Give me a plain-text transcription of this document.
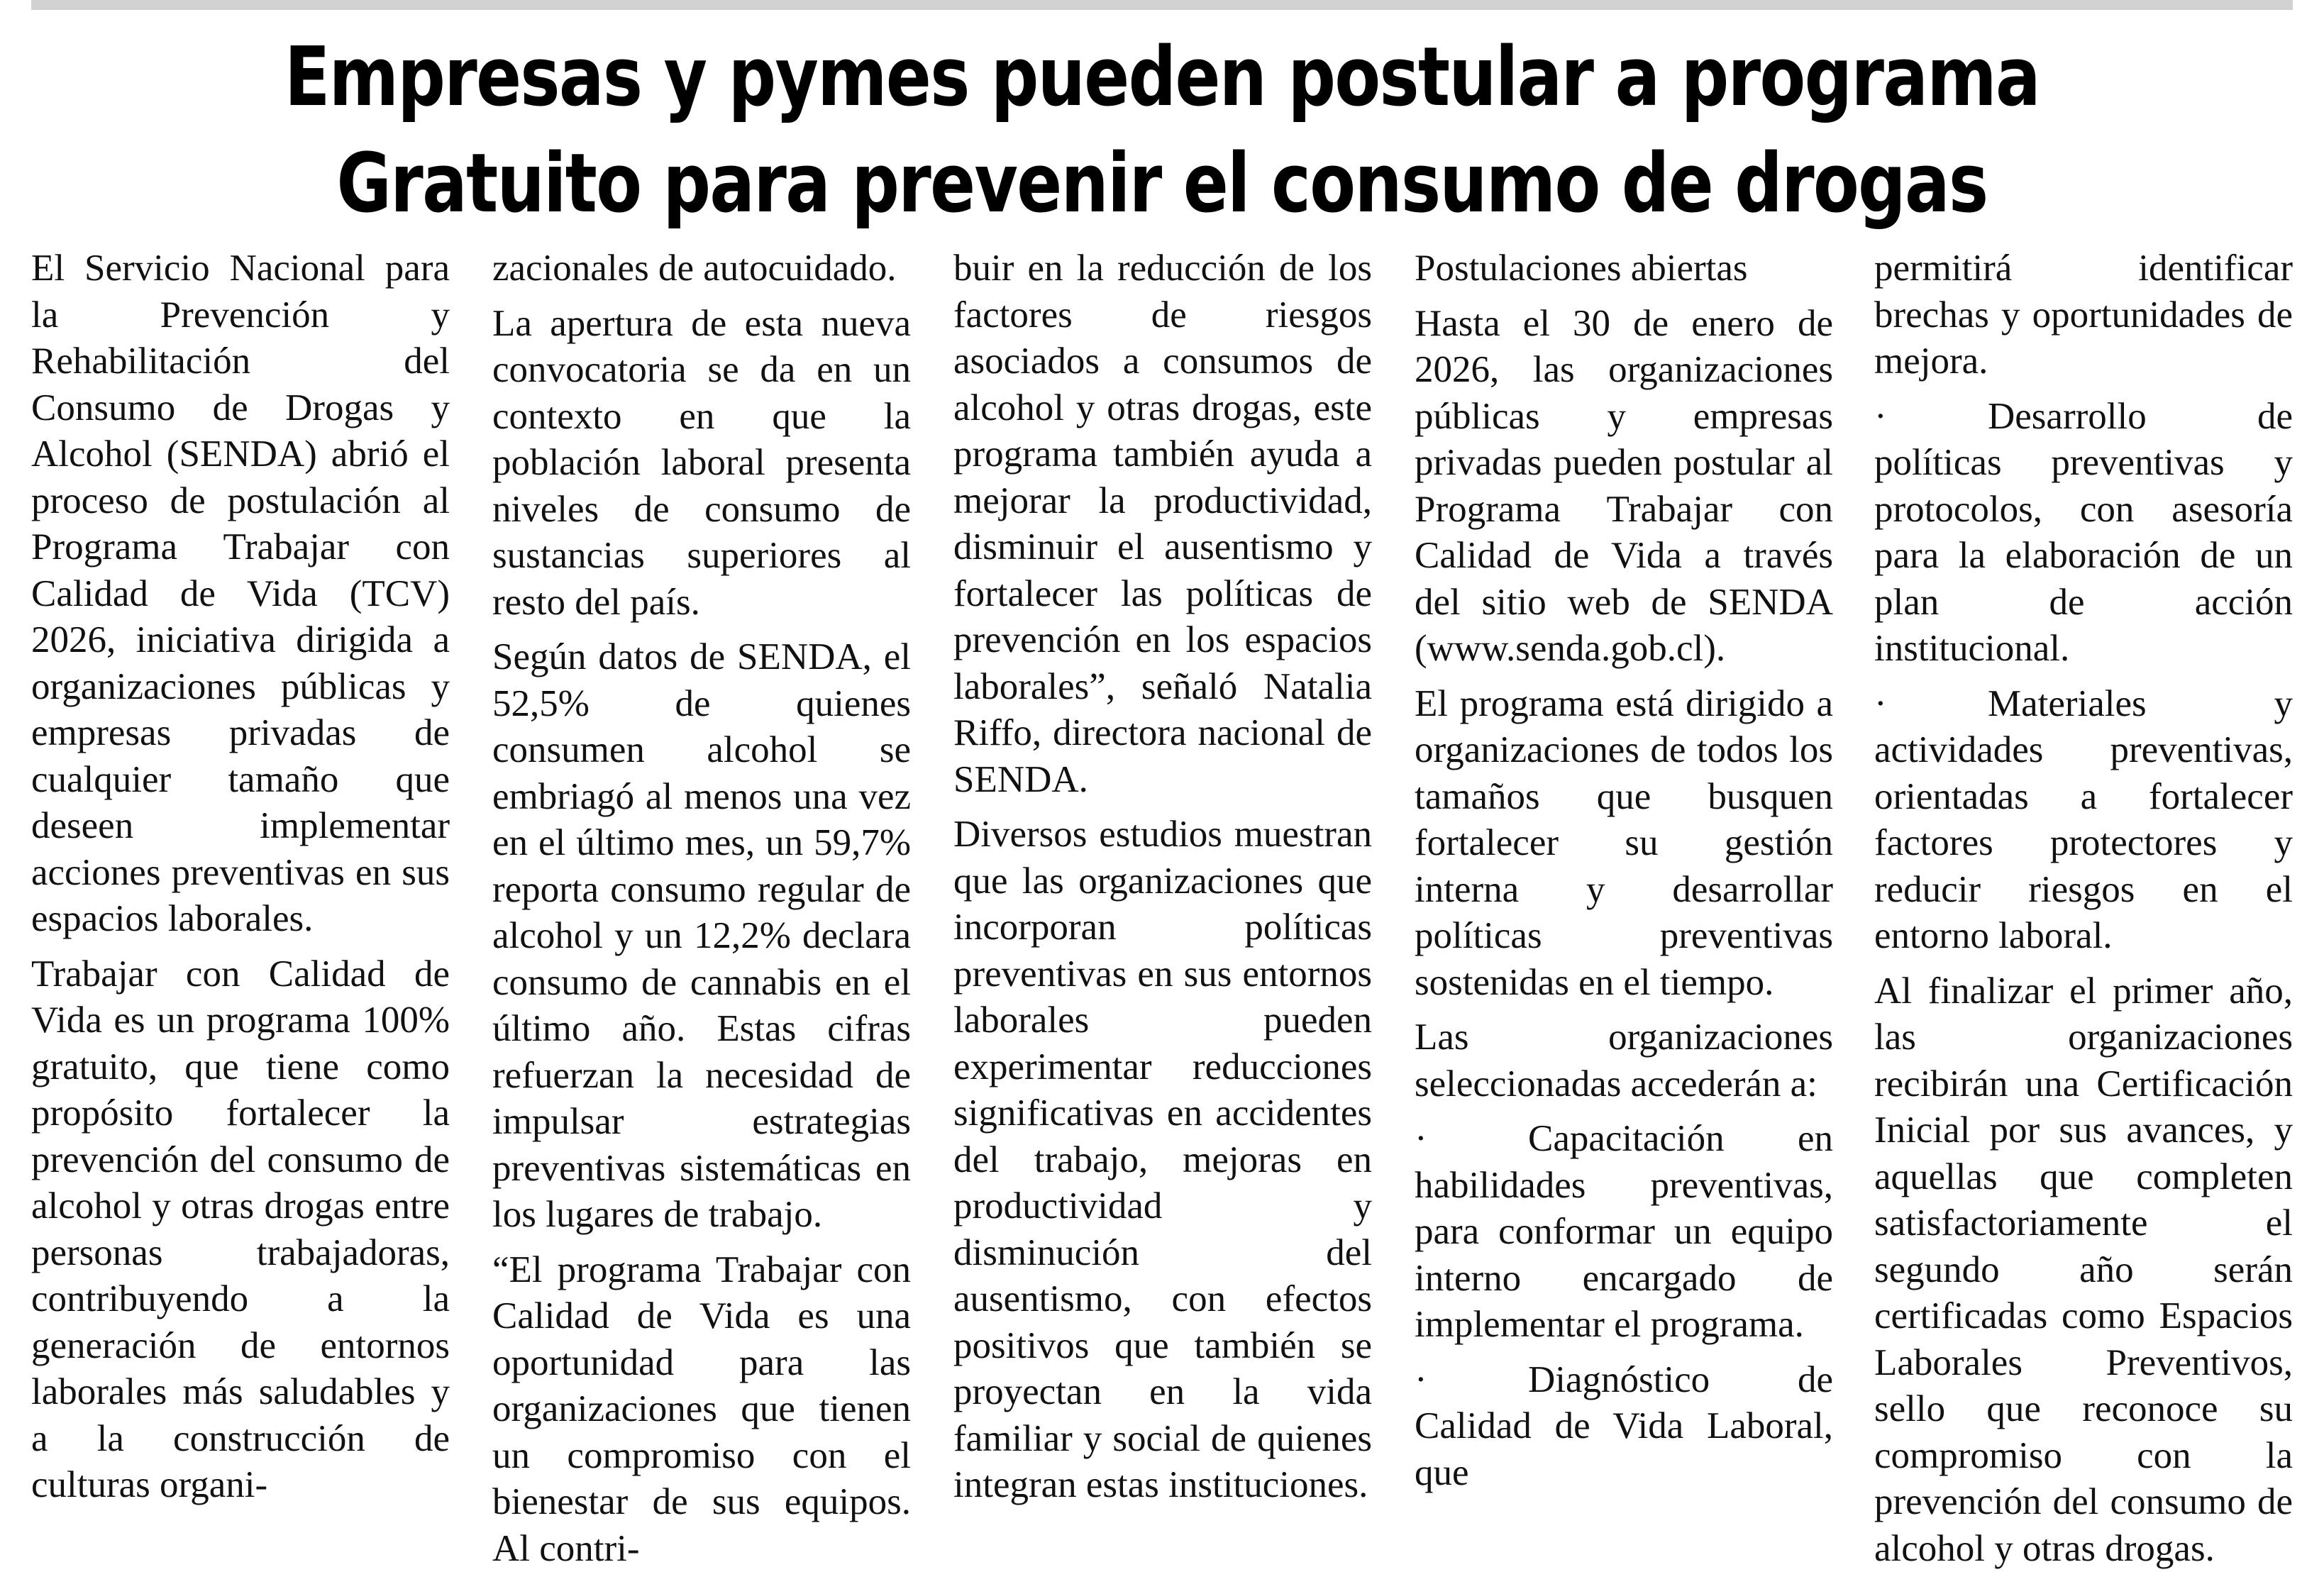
Empresas y pymes pueden postular a programa
Gratuito para prevenir el consumo de drogas

El Servicio Nacional para la Prevención y Rehabilitación del Consumo de Drogas y Alcohol (SENDA) abrió el proceso de postulación al Programa Trabajar con Calidad de Vida (TCV) 2026, iniciativa dirigida a organizaciones públicas y empresas privadas de cualquier tamaño que deseen implementar acciones preventivas en sus espacios laborales.

Trabajar con Calidad de Vida es un programa 100% gratuito, que tiene como propósito fortalecer la prevención del consumo de alcohol y otras drogas entre personas trabajadoras, contribuyendo a la generación de entornos laborales más saludables y a la construcción de culturas organi-

zacionales de autocuidado.

La apertura de esta nueva convocatoria se da en un contexto en que la población laboral presenta niveles de consumo de sustancias superiores al resto del país.

Según datos de SENDA, el 52,5% de quienes consumen alcohol se embriagó al menos una vez en el último mes, un 59,7% reporta consumo regular de alcohol y un 12,2% declara consumo de cannabis en el último año. Estas cifras refuerzan la necesidad de impulsar estrategias preventivas sistemáticas en los lugares de trabajo.

“El programa Trabajar con Calidad de Vida es una oportunidad para las organizaciones que tienen un compromiso con el bienestar de sus equipos. Al contri-

buir en la reducción de los factores de riesgos asociados a consumos de alcohol y otras drogas, este programa también ayuda a mejorar la productividad, disminuir el ausentismo y fortalecer las políticas de prevención en los espacios laborales”, señaló Natalia Riffo, directora nacional de SENDA.

Diversos estudios muestran que las organizaciones que incorporan políticas preventivas en sus entornos laborales pueden experimentar reducciones significativas en accidentes del trabajo, mejoras en productividad y disminución del ausentismo, con efectos positivos que también se proyectan en la vida familiar y social de quienes integran estas instituciones.

Postulaciones abiertas

Hasta el 30 de enero de 2026, las organizaciones públicas y empresas privadas pueden postular al Programa Trabajar con Calidad de Vida a través del sitio web de SENDA (www.senda.gob.cl).

El programa está dirigido a organizaciones de todos los tamaños que busquen fortalecer su gestión interna y desarrollar políticas preventivas sostenidas en el tiempo.

Las organizaciones seleccionadas accederán a:

·	Capacitación en habilidades preventivas, para conformar un equipo interno encargado de implementar el programa.

·	Diagnóstico de Calidad de Vida Laboral, que

permitirá identificar brechas y oportunidades de mejora.

·	Desarrollo de políticas preventivas y protocolos, con asesoría para la elaboración de un plan de acción institucional.

·	Materiales y actividades preventivas, orientadas a fortalecer factores protectores y reducir riesgos en el entorno laboral.

Al finalizar el primer año, las organizaciones recibirán una Certificación Inicial por sus avances, y aquellas que completen satisfactoriamente el segundo año serán certificadas como Espacios Laborales Preventivos, sello que reconoce su compromiso con la prevención del consumo de alcohol y otras drogas.
